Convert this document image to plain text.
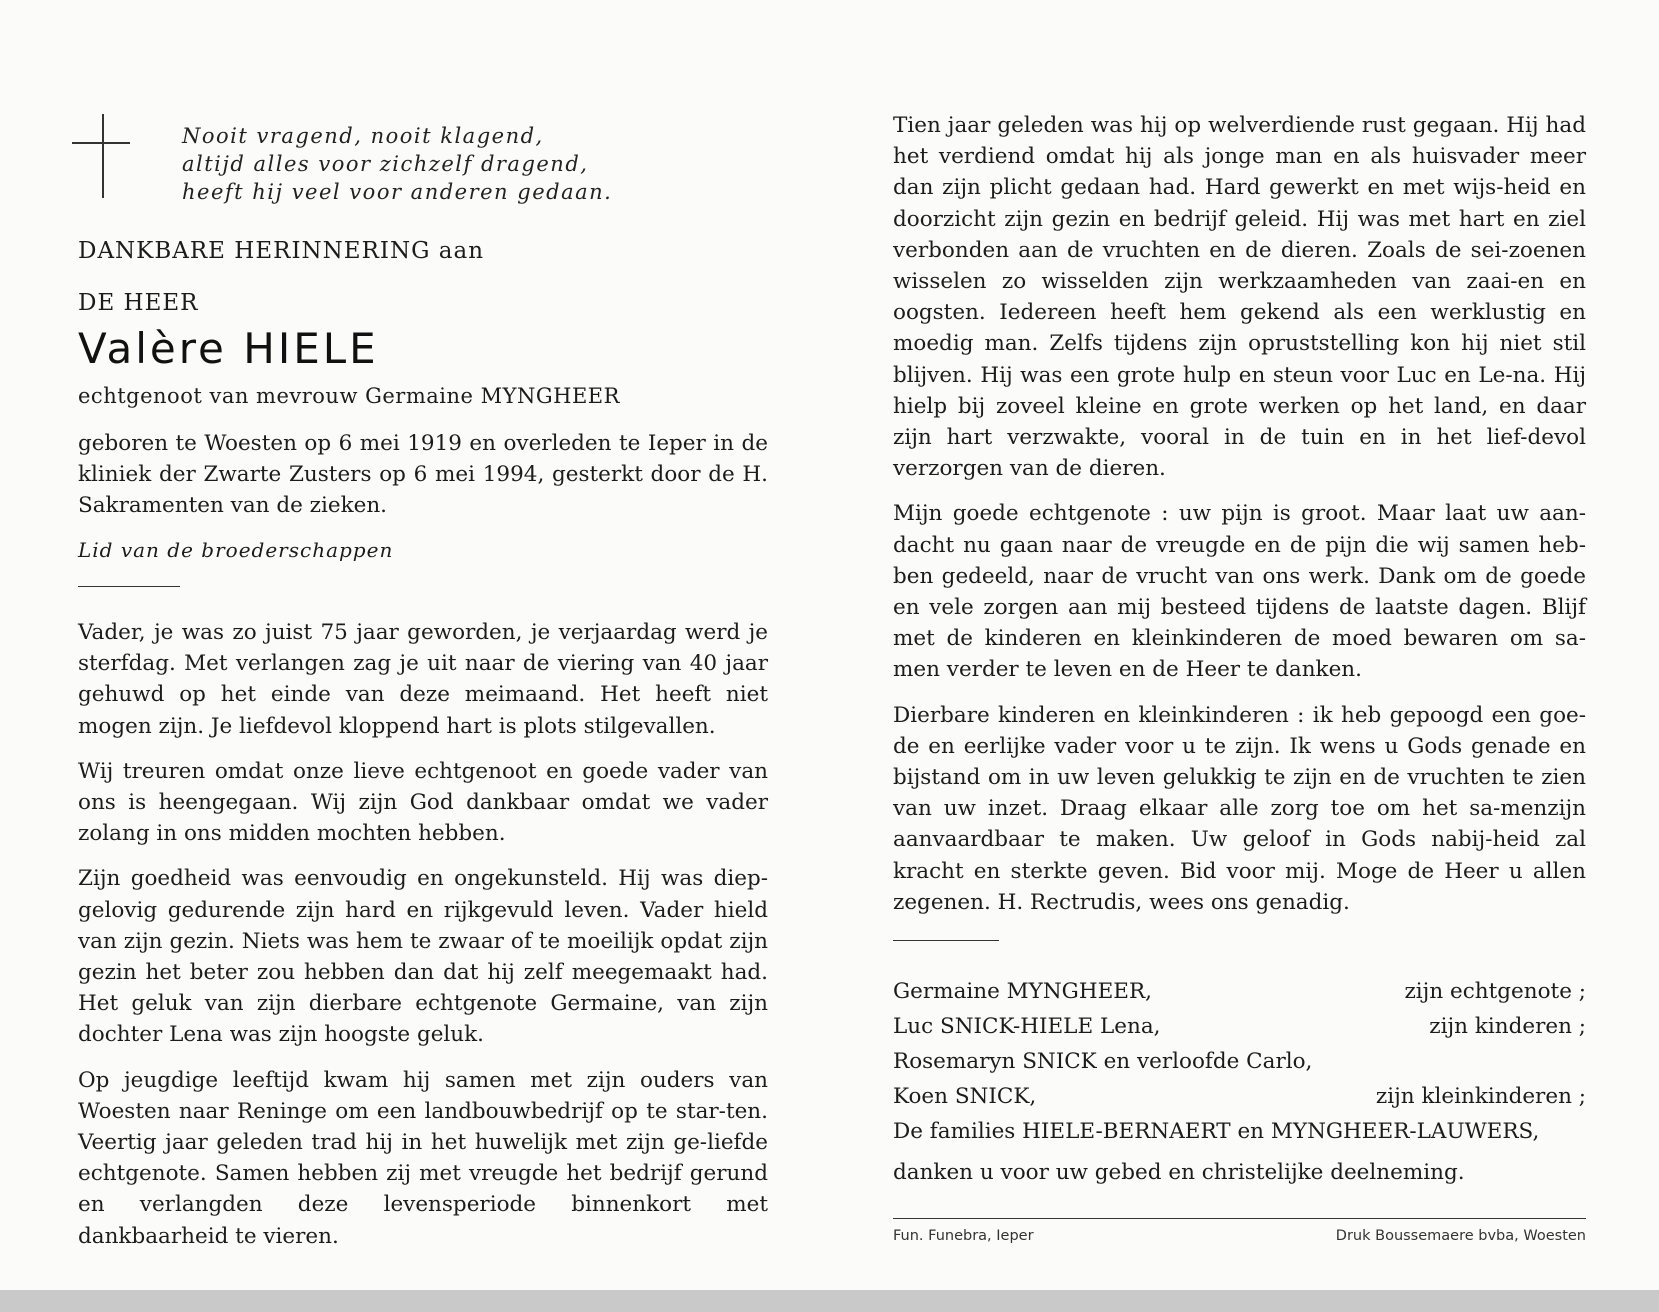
Nooit vragend, nooit klagend,
altijd alles voor zichzelf dragend,
heeft hij veel voor anderen gedaan.
DANKBARE HERINNERING aan
DE HEER
Valère HIELE
echtgenoot van mevrouw Germaine MYNGHEER
geboren te Woesten op 6 mei 1919 en overleden te Ieper in de kliniek der Zwarte Zusters op 6 mei 1994, gesterkt door de H. Sakramenten van de zieken.
Lid van de broederschappen

Vader, je was zo juist 75 jaar geworden, je verjaardag werd je sterfdag. Met verlangen zag je uit naar de viering van 40 jaar gehuwd op het einde van deze meimaand. Het heeft niet mogen zijn. Je liefdevol kloppend hart is plots stilgevallen.

Wij treuren omdat onze lieve echtgenoot en goede vader van ons is heengegaan. Wij zijn God dankbaar omdat we vader zolang in ons midden mochten hebben.

Zijn goedheid was eenvoudig en ongekunsteld. Hij was diep-gelovig gedurende zijn hard en rijkgevuld leven. Vader hield van zijn gezin. Niets was hem te zwaar of te moeilijk opdat zijn gezin het beter zou hebben dan dat hij zelf meegemaakt had. Het geluk van zijn dierbare echtgenote Germaine, van zijn dochter Lena was zijn hoogste geluk.

Op jeugdige leeftijd kwam hij samen met zijn ouders van Woesten naar Reninge om een landbouwbedrijf op te star-ten. Veertig jaar geleden trad hij in het huwelijk met zijn ge-liefde echtgenote. Samen hebben zij met vreugde het bedrijf gerund en verlangden deze levensperiode binnenkort met dankbaarheid te vieren.

Tien jaar geleden was hij op welverdiende rust gegaan. Hij had het verdiend omdat hij als jonge man en als huisvader meer dan zijn plicht gedaan had. Hard gewerkt en met wijs-heid en doorzicht zijn gezin en bedrijf geleid. Hij was met hart en ziel verbonden aan de vruchten en de dieren. Zoals de sei-zoenen wisselen zo wisselden zijn werkzaamheden van zaai-en en oogsten. Iedereen heeft hem gekend als een werklustig en moedig man. Zelfs tijdens zijn opruststelling kon hij niet stil blijven. Hij was een grote hulp en steun voor Luc en Le-na. Hij hielp bij zoveel kleine en grote werken op het land, en daar zijn hart verzwakte, vooral in de tuin en in het lief-devol verzorgen van de dieren.

Mijn goede echtgenote : uw pijn is groot. Maar laat uw aan-dacht nu gaan naar de vreugde en de pijn die wij samen heb-ben gedeeld, naar de vrucht van ons werk. Dank om de goede en vele zorgen aan mij besteed tijdens de laatste dagen. Blijf met de kinderen en kleinkinderen de moed bewaren om sa-men verder te leven en de Heer te danken.

Dierbare kinderen en kleinkinderen : ik heb gepoogd een goe-de en eerlijke vader voor u te zijn. Ik wens u Gods genade en bijstand om in uw leven gelukkig te zijn en de vruchten te zien van uw inzet. Draag elkaar alle zorg toe om het sa-menzijn aanvaardbaar te maken. Uw geloof in Gods nabij-heid zal kracht en sterkte geven. Bid voor mij. Moge de Heer u allen zegenen. H. Rectrudis, wees ons genadig.

Germaine MYNGHEER,	zijn echtgenote ;
Luc SNICK-HIELE Lena,	zijn kinderen ;
Rosemaryn SNICK en verloofde Carlo,
Koen SNICK,	zijn kleinkinderen ;
De families HIELE-BERNAERT en MYNGHEER-LAUWERS,
danken u voor uw gebed en christelijke deelneming.
Fun. Funebra, Ieper	Druk Boussemaere bvba, Woesten
